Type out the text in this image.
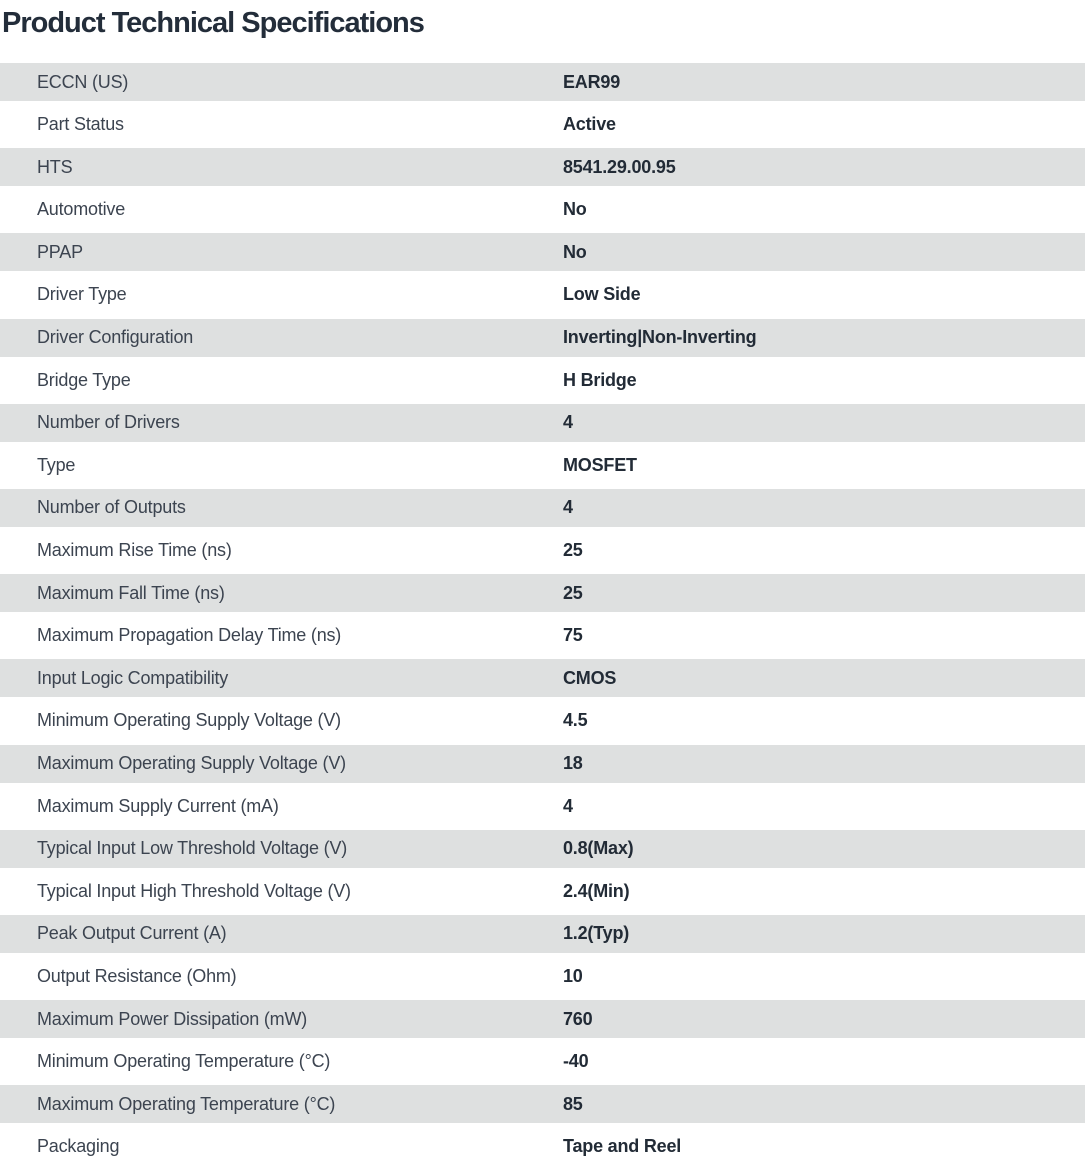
Product Technical Specifications
ECCN (US)	EAR99
Part Status	Active
HTS	8541.29.00.95
Automotive	No
PPAP	No
Driver Type	Low Side
Driver Configuration	Inverting|Non-Inverting
Bridge Type	H Bridge
Number of Drivers	4
Type	MOSFET
Number of Outputs	4
Maximum Rise Time (ns)	25
Maximum Fall Time (ns)	25
Maximum Propagation Delay Time (ns)	75
Input Logic Compatibility	CMOS
Minimum Operating Supply Voltage (V)	4.5
Maximum Operating Supply Voltage (V)	18
Maximum Supply Current (mA)	4
Typical Input Low Threshold Voltage (V)	0.8(Max)
Typical Input High Threshold Voltage (V)	2.4(Min)
Peak Output Current (A)	1.2(Typ)
Output Resistance (Ohm)	10
Maximum Power Dissipation (mW)	760
Minimum Operating Temperature (°C)	-40
Maximum Operating Temperature (°C)	85
Packaging	Tape and Reel
